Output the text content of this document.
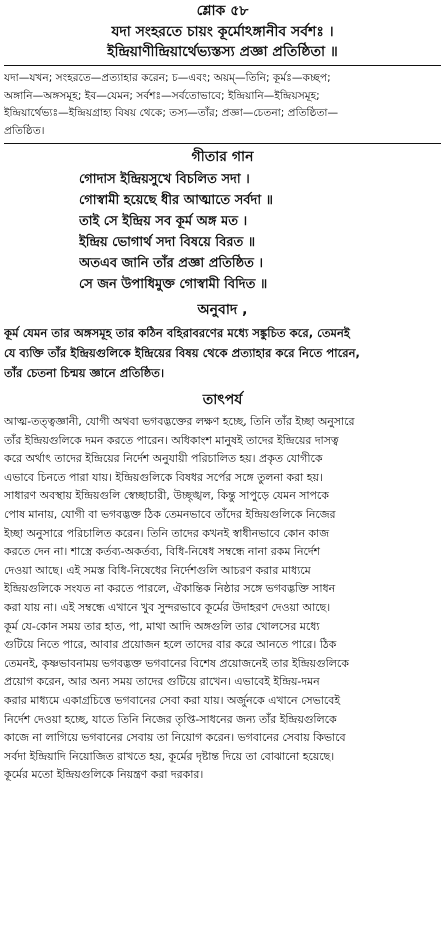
শ্লোক ৫৮
যদা সংহরতে চায়ং কূর্মোঽঙ্গানীব সর্বশঃ ।
ইন্দ্রিয়াণীন্দ্রিয়ার্থেভ্যস্তস্য প্রজ্ঞা প্রতিষ্ঠিতা ॥
যদা—যখন; সংহরতে—প্রত্যাহার করেন; চ—এবং; অয়ম্—তিনি; কূর্মঃ—কচ্ছপ;
অঙ্গানি—অঙ্গসমূহ; ইব—যেমন; সর্বশঃ—সর্বতোভাবে; ইন্দ্রিয়ানি—ইন্দ্রিয়সমূহ;
ইন্দ্রিয়ার্থেভ্যঃ—ইন্দ্রিয়গ্রাহ্য বিষয় থেকে; তস্য—তাঁর; প্রজ্ঞা—চেতনা; প্রতিষ্ঠিতা—
প্রতিষ্ঠিত।
গীতার গান
গোদাস ইন্দ্রিয়সুখে বিচলিত সদা ।
গোস্বামী হয়েছে ধীর আত্মাতে সর্বদা ॥
তাই সে ইন্দ্রিয় সব কূর্ম অঙ্গ মত ।
ইন্দ্রিয় ভোগার্থ সদা বিষয়ে বিরত ॥
অতএব জানি তাঁর প্রজ্ঞা প্রতিষ্ঠিত ।
সে জন উপাধিমুক্ত গোস্বামী বিদিত ॥
অনুবাদ ,
কূর্ম যেমন তার অঙ্গসমূহ তার কঠিন বহিরাবরণের মধ্যে সঙ্কুচিত করে, তেমনই
যে ব্যক্তি তাঁর ইন্দ্রিয়গুলিকে ইন্দ্রিয়ের বিষয় থেকে প্রত্যাহার করে নিতে পারেন,
তাঁর চেতনা চিন্ময় জ্ঞানে প্রতিষ্ঠিত।
তাৎপর্য
আত্ম-তত্ত্বজ্ঞানী, যোগী অথবা ভগবদ্ভক্তের লক্ষণ হচ্ছে, তিনি তাঁর ইচ্ছা অনুসারে
তাঁর ইন্দ্রিয়গুলিকে দমন করতে পারেন। অধিকাংশ মানুষই তাদের ইন্দ্রিয়ের দাসত্ব
করে অর্থাৎ তাদের ইন্দ্রিয়ের নির্দেশ অনুযায়ী পরিচালিত হয়। প্রকৃত যোগীকে
এভাবে চিনতে পারা যায়। ইন্দ্রিয়গুলিকে বিষধর সর্পের সঙ্গে তুলনা করা হয়।
সাধারণ অবস্থায় ইন্দ্রিয়গুলি স্বেচ্ছাচারী, উচ্ছৃঙ্খল, কিন্তু সাপুড়ে যেমন সাপকে
পোষ মানায়, যোগী বা ভগবদ্ভক্ত ঠিক তেমনভাবে তাঁদের ইন্দ্রিয়গুলিকে নিজের
ইচ্ছা অনুসারে পরিচালিত করেন। তিনি তাদের কখনই স্বাধীনভাবে কোন কাজ
করতে দেন না। শাস্ত্রে কর্তব্য-অকর্তব্য, বিধি-নিষেধ সম্বন্ধে নানা রকম নির্দেশ
দেওয়া আছে। এই সমস্ত বিধি-নিষেধের নির্দেশগুলি আচরণ করার মাধ্যমে
ইন্দ্রিয়গুলিকে সংযত না করতে পারলে, ঐকান্তিক নিষ্ঠার সঙ্গে ভগবদ্ভক্তি সাধন
করা যায় না। এই সম্বন্ধে এখানে খুব সুন্দরভাবে কূর্মের উদাহরণ দেওয়া আছে।
কূর্ম যে-কোন সময় তার হাত, পা, মাথা আদি অঙ্গগুলি তার খোলসের মধ্যে
গুটিয়ে নিতে পারে, আবার প্রয়োজন হলে তাদের বার করে আনতে পারে। ঠিক
তেমনই, কৃষ্ণভাবনাময় ভগবদ্ভক্ত ভগবানের বিশেষ প্রয়োজনেই তার ইন্দ্রিয়গুলিকে
প্রয়োগ করেন, আর অন্য সময় তাদের গুটিয়ে রাখেন। এভাবেই ইন্দ্রিয়-দমন
করার মাধ্যমে একাগ্রচিত্তে ভগবানের সেবা করা যায়। অর্জুনকে এখানে সেভাবেই
নির্দেশ দেওয়া হচ্ছে, যাতে তিনি নিজের তৃপ্তি-সাধনের জন্য তাঁর ইন্দ্রিয়গুলিকে
কাজে না লাগিয়ে ভগবানের সেবায় তা নিয়োগ করেন। ভগবানের সেবায় কিভাবে
সর্বদা ইন্দ্রিয়াদি নিয়োজিত রাখতে হয়, কূর্মের দৃষ্টান্ত দিয়ে তা বোঝানো হয়েছে।
কূর্মের মতো ইন্দ্রিয়গুলিকে নিয়ন্ত্রণ করা দরকার।
